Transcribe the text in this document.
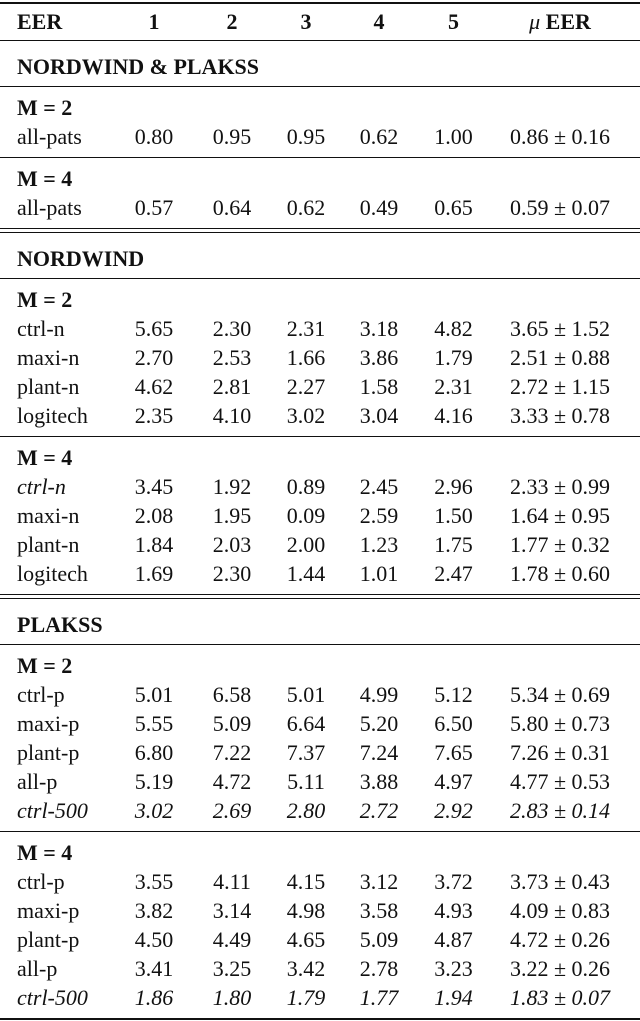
EER	1	2	3	4	5	μ EER
NORDWIND & PLAKSS
M = 2
all-pats	0.80	0.95	0.95	0.62	1.00	0.86 ± 0.16
M = 4
all-pats	0.57	0.64	0.62	0.49	0.65	0.59 ± 0.07
NORDWIND
M = 2
ctrl-n	5.65	2.30	2.31	3.18	4.82	3.65 ± 1.52
maxi-n	2.70	2.53	1.66	3.86	1.79	2.51 ± 0.88
plant-n	4.62	2.81	2.27	1.58	2.31	2.72 ± 1.15
logitech	2.35	4.10	3.02	3.04	4.16	3.33 ± 0.78
M = 4
ctrl-n	3.45	1.92	0.89	2.45	2.96	2.33 ± 0.99
maxi-n	2.08	1.95	0.09	2.59	1.50	1.64 ± 0.95
plant-n	1.84	2.03	2.00	1.23	1.75	1.77 ± 0.32
logitech	1.69	2.30	1.44	1.01	2.47	1.78 ± 0.60
PLAKSS
M = 2
ctrl-p	5.01	6.58	5.01	4.99	5.12	5.34 ± 0.69
maxi-p	5.55	5.09	6.64	5.20	6.50	5.80 ± 0.73
plant-p	6.80	7.22	7.37	7.24	7.65	7.26 ± 0.31
all-p	5.19	4.72	5.11	3.88	4.97	4.77 ± 0.53
ctrl-500	3.02	2.69	2.80	2.72	2.92	2.83 ± 0.14
M = 4
ctrl-p	3.55	4.11	4.15	3.12	3.72	3.73 ± 0.43
maxi-p	3.82	3.14	4.98	3.58	4.93	4.09 ± 0.83
plant-p	4.50	4.49	4.65	5.09	4.87	4.72 ± 0.26
all-p	3.41	3.25	3.42	2.78	3.23	3.22 ± 0.26
ctrl-500	1.86	1.80	1.79	1.77	1.94	1.83 ± 0.07
